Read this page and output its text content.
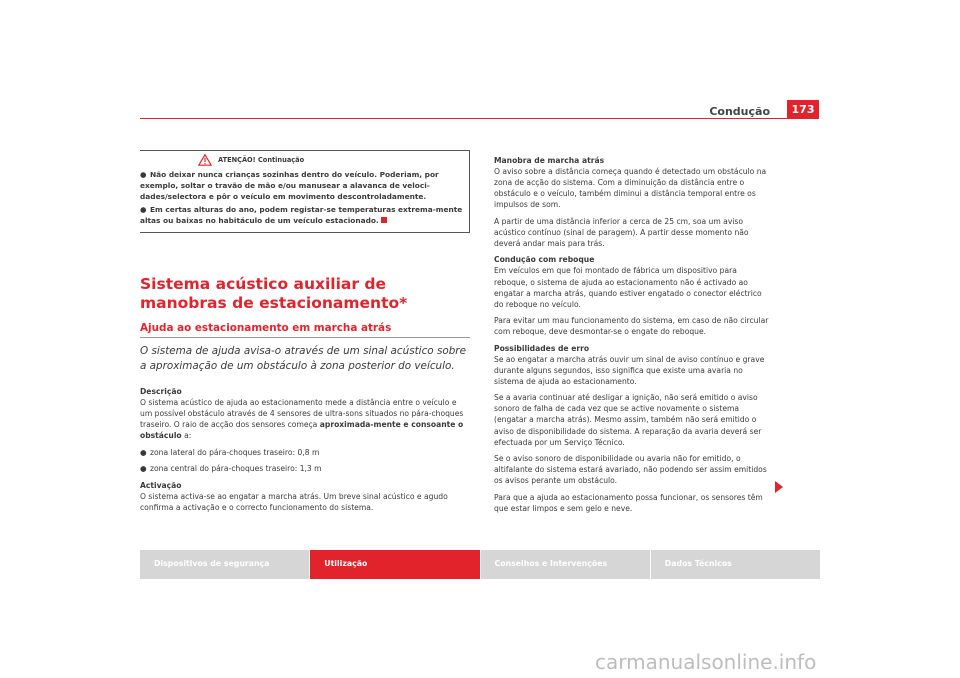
Condução	173
ATENÇÃO! Continuação
● Não deixar nunca crianças sozinhas dentro do veículo. Poderiam, por exemplo, soltar o travão de mão e/ou manusear a alavanca de veloci-dades/selectora e pôr o veículo em movimento descontroladamente.
● Em certas alturas do ano, podem registar-se temperaturas extrema-mente altas ou baixas no habitáculo de um veículo estacionado.
Sistema acústico auxiliar de manobras de estacionamento*
Ajuda ao estacionamento em marcha atrás
O sistema de ajuda avisa-o através de um sinal acústico sobre a aproximação de um obstáculo à zona posterior do veículo.
Descrição

O sistema acústico de ajuda ao estacionamento mede a distância entre o veículo e um possível obstáculo através de 4 sensores de ultra-sons situados no pára-choques traseiro. O raio de acção dos sensores começa aproximada-mente e consoante o obstáculo a:

● zona lateral do pára-choques traseiro: 0,8 m
● zona central do pára-choques traseiro: 1,3 m
Activação

O sistema activa-se ao engatar a marcha atrás. Um breve sinal acústico e agudo confirma a activação e o correcto funcionamento do sistema.

Manobra de marcha atrás

O aviso sobre a distância começa quando é detectado um obstáculo na zona de acção do sistema. Com a diminuição da distância entre o obstáculo e o veículo, também diminui a distância temporal entre os impulsos de som.

A partir de uma distância inferior a cerca de 25 cm, soa um aviso acústico contínuo (sinal de paragem). A partir desse momento não deverá andar mais para trás.

Condução com reboque

Em veículos em que foi montado de fábrica um dispositivo para reboque, o sistema de ajuda ao estacionamento não é activado ao engatar a marcha atrás, quando estiver engatado o conector eléctrico do reboque no veículo.

Para evitar um mau funcionamento do sistema, em caso de não circular com reboque, deve desmontar-se o engate do reboque.

Possibilidades de erro

Se ao engatar a marcha atrás ouvir um sinal de aviso contínuo e grave durante alguns segundos, isso significa que existe uma avaria no sistema de ajuda ao estacionamento.

Se a avaria continuar até desligar a ignição, não será emitido o aviso sonoro de falha de cada vez que se active novamente o sistema (engatar a marcha atrás). Mesmo assim, também não será emitido o aviso de disponibilidade do sistema. A reparação da avaria deverá ser efectuada por um Serviço Técnico.

Se o aviso sonoro de disponibilidade ou avaria não for emitido, o altifalante do sistema estará avariado, não podendo ser assim emitidos os avisos perante um obstáculo.

Para que a ajuda ao estacionamento possa funcionar, os sensores têm que estar limpos e sem gelo e neve.

Dispositivos de segurança	Utilização	Conselhos e Intervenções	Dados Técnicos
carmanualsonline.info
